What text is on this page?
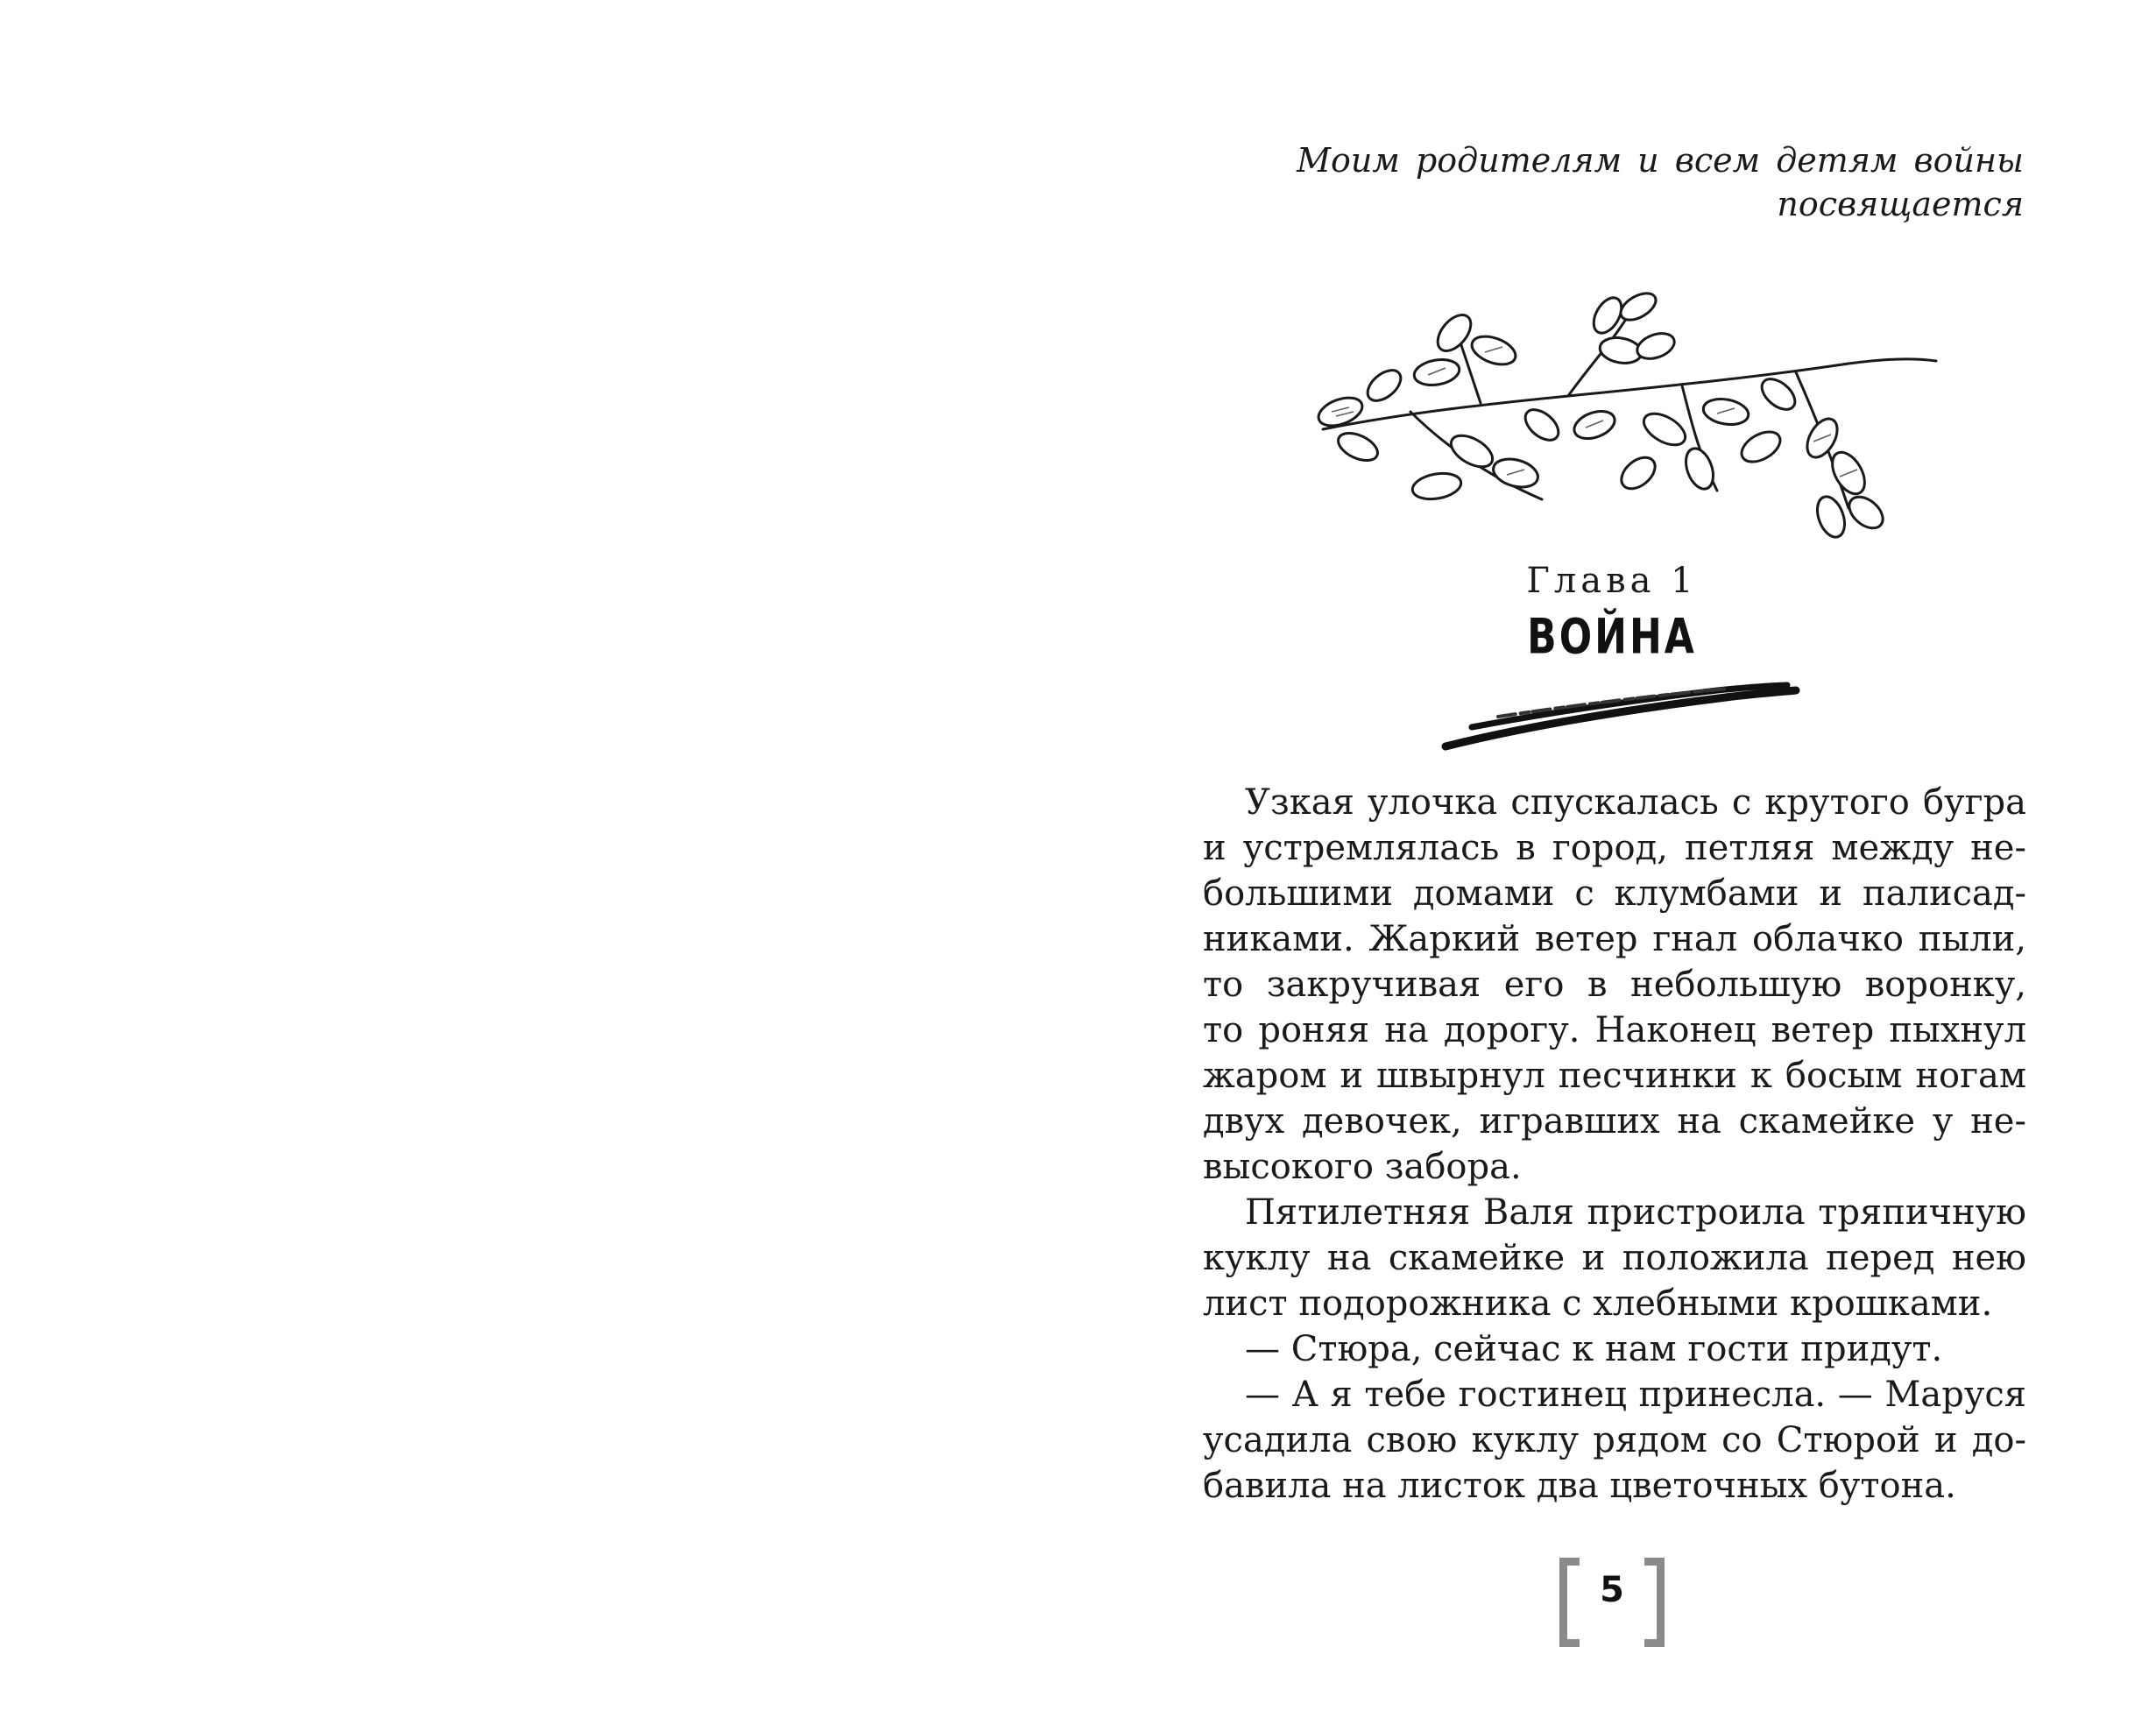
Моим родителям и всем детям войны
посвящается
Глава 1
ВОЙНА
Узкая улочка спускалась с крутого бугра
и устремлялась в город, петляя между не-
большими домами с клумбами и палисад-
никами. Жаркий ветер гнал облачко пыли,
то закручивая его в небольшую воронку,
то роняя на дорогу. Наконец ветер пыхнул
жаром и швырнул песчинки к босым ногам
двух девочек, игравших на скамейке у не-
высокого забора.
Пятилетняя Валя пристроила тряпичную
куклу на скамейке и положила перед нею
лист подорожника с хлебными крошками.
— Стюра, сейчас к нам гости придут.
— А я тебе гостинец принесла. — Маруся
усадила свою куклу рядом со Стюрой и до-
бавила на листок два цветочных бутона.
5
